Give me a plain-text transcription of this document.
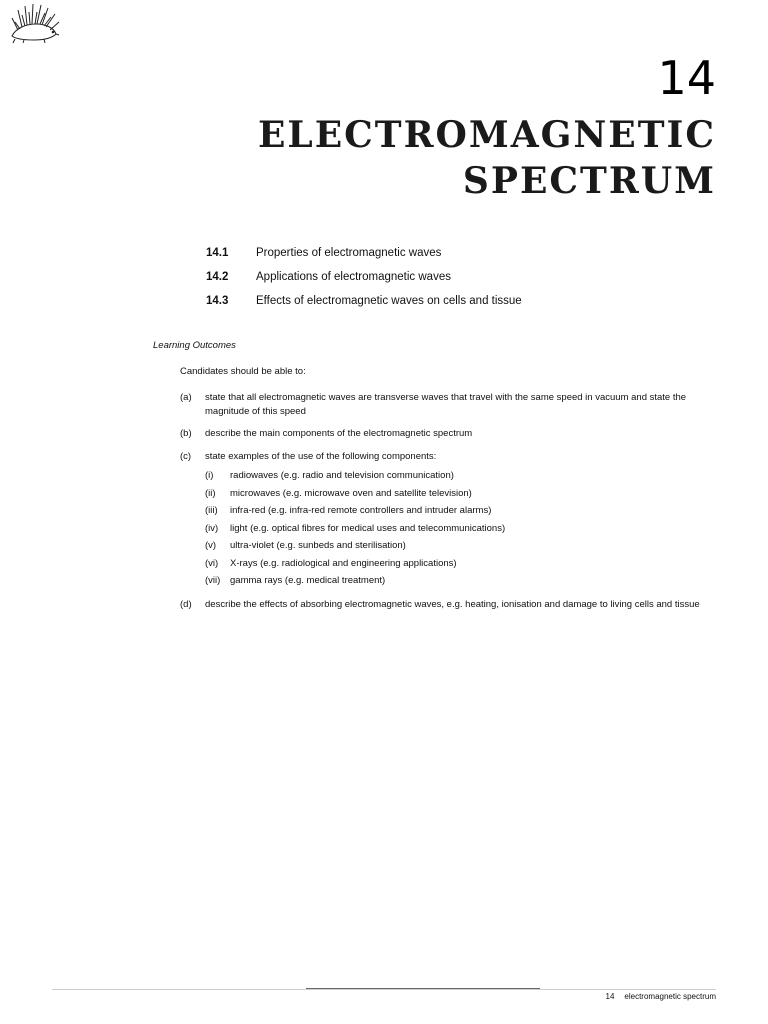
14
ELECTROMAGNETIC
SPECTRUM
14.1	Properties of electromagnetic waves
14.2	Applications of electromagnetic waves
14.3	Effects of electromagnetic waves on cells and tissue
Learning Outcomes
Candidates should be able to:
(a)	state that all electromagnetic waves are transverse waves that travel with the same speed in vacuum and state the magnitude of this speed
(b)	describe the main components of the electromagnetic spectrum
(c)	state examples of the use of the following components:
(i)	radiowaves (e.g. radio and television communication)
(ii)	microwaves (e.g. microwave oven and satellite television)
(iii)	infra-red (e.g. infra-red remote controllers and intruder alarms)
(iv)	light (e.g. optical fibres for medical uses and telecommunications)
(v)	ultra-violet (e.g. sunbeds and sterilisation)
(vi)	X-rays (e.g. radiological and engineering applications)
(vii)	gamma rays (e.g. medical treatment)
(d)	describe the effects of absorbing electromagnetic waves, e.g. heating, ionisation and damage to living cells and tissue
14 electromagnetic spectrum
